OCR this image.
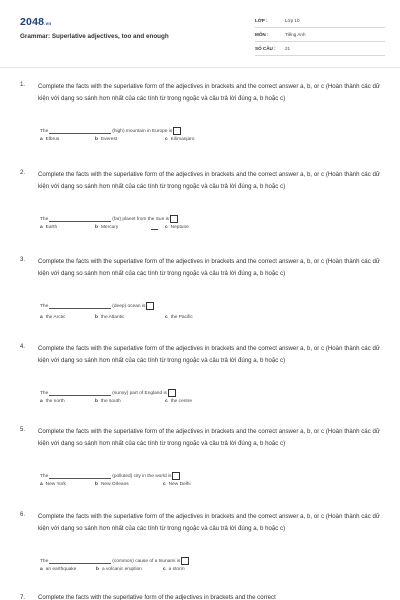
2048.vn
Grammar: Superlative adjectives, too and enough
LỚP :	Lớp 10
MÔN :	Tiếng Anh
SỐ CÂU : 21
1. Complete the facts with the superlative form of the adjectives in brackets and the correct answer a, b, or c (Hoàn thành các dữ kiện với dạng so sánh hơn nhất của các tính từ trong ngoặc và câu trả lời đúng a, b hoặc c)
The	(high) mountain in Europe is
a Elbrus	b Everest	c Kilimanjaro
2. Complete the facts with the superlative form of the adjectives in brackets and the correct answer a, b, or c (Hoàn thành các dữ kiện với dạng so sánh hơn nhất của các tính từ trong ngoặc và câu trả lời đúng a, b hoặc c)
The	(far) planet from the Sun is
a Earth	b Mercury	c Neptune
3. Complete the facts with the superlative form of the adjectives in brackets and the correct answer a, b, or c (Hoàn thành các dữ kiện với dạng so sánh hơn nhất của các tính từ trong ngoặc và câu trả lời đúng a, b hoặc c)
The	(deep) ocean is
a the Arctic	b the Atlantic	c the Pacific
4. Complete the facts with the superlative form of the adjectives in brackets and the correct answer a, b, or c (Hoàn thành các dữ kiện với dạng so sánh hơn nhất của các tính từ trong ngoặc và câu trả lời đúng a, b hoặc c)
The	(sunny) part of England is
a the north	b the south	c the centre
5. Complete the facts with the superlative form of the adjectives in brackets and the correct answer a, b, or c (Hoàn thành các dữ kiện với dạng so sánh hơn nhất của các tính từ trong ngoặc và câu trả lời đúng a, b hoặc c)
The	(polluted) city in the world is
a New York	b New Orleans	c New Delhi
6. Complete the facts with the superlative form of the adjectives in brackets and the correct answer a, b, or c (Hoàn thành các dữ kiện với dạng so sánh hơn nhất của các tính từ trong ngoặc và câu trả lời đúng a, b hoặc c)
The	(common) cause of a tsunami is
a an earthquake	b a volcanic eruption	c a storm
7. Complete the facts with the superlative form of the adjectives in brackets and the correct
